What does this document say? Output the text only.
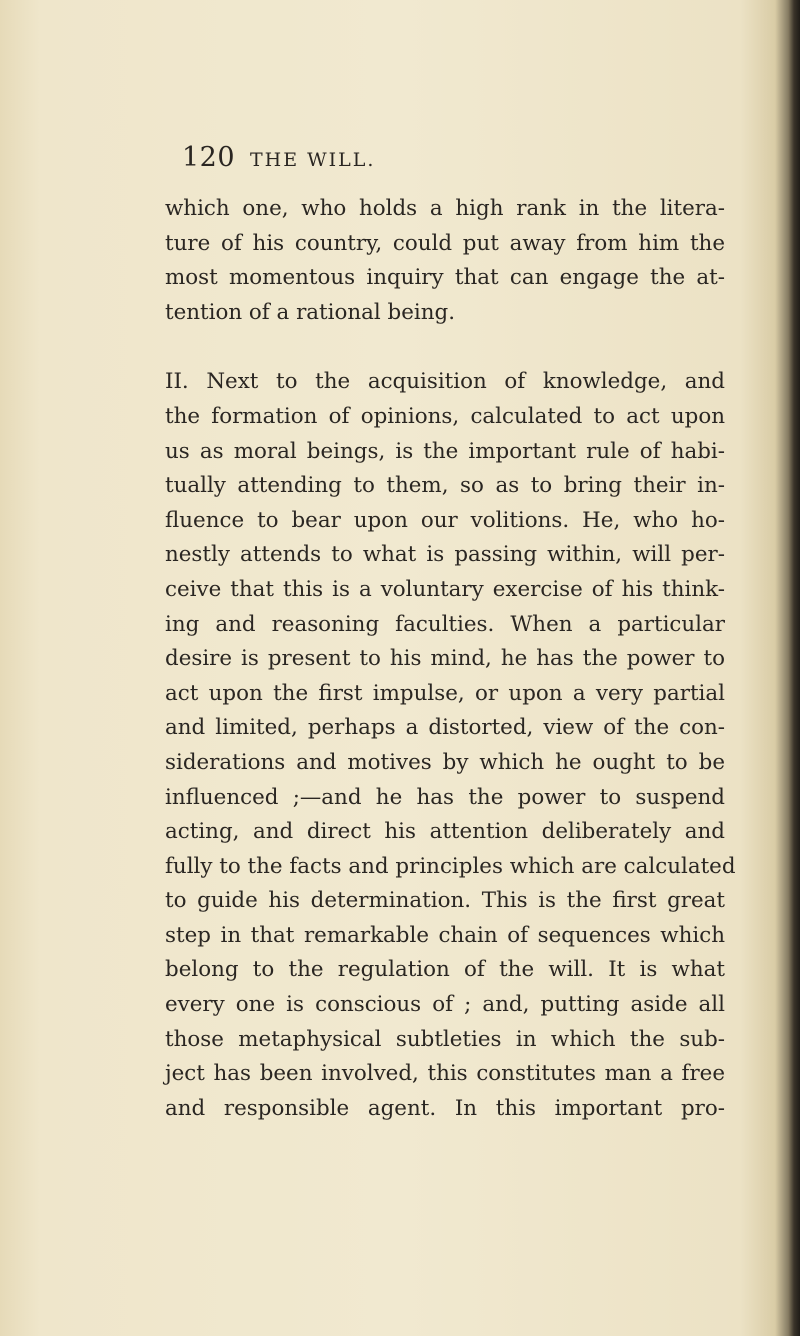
120 THE WILL.
which one, who holds a high rank in the litera-
ture of his country, could put away from him the
most momentous inquiry that can engage the at-
tention of a rational being.
II. Next to the acquisition of knowledge, and
the formation of opinions, calculated to act upon
us as moral beings, is the important rule of habi-
tually attending to them, so as to bring their in-
fluence to bear upon our volitions. He, who ho-
nestly attends to what is passing within, will per-
ceive that this is a voluntary exercise of his think-
ing and reasoning faculties. When a particular
desire is present to his mind, he has the power to
act upon the first impulse, or upon a very partial
and limited, perhaps a distorted, view of the con-
siderations and motives by which he ought to be
influenced ;—and he has the power to suspend
acting, and direct his attention deliberately and
fully to the facts and principles which are calculated
to guide his determination. This is the first great
step in that remarkable chain of sequences which
belong to the regulation of the will. It is what
every one is conscious of ; and, putting aside all
those metaphysical subtleties in which the sub-
ject has been involved, this constitutes man a free
and responsible agent. In this important pro-
